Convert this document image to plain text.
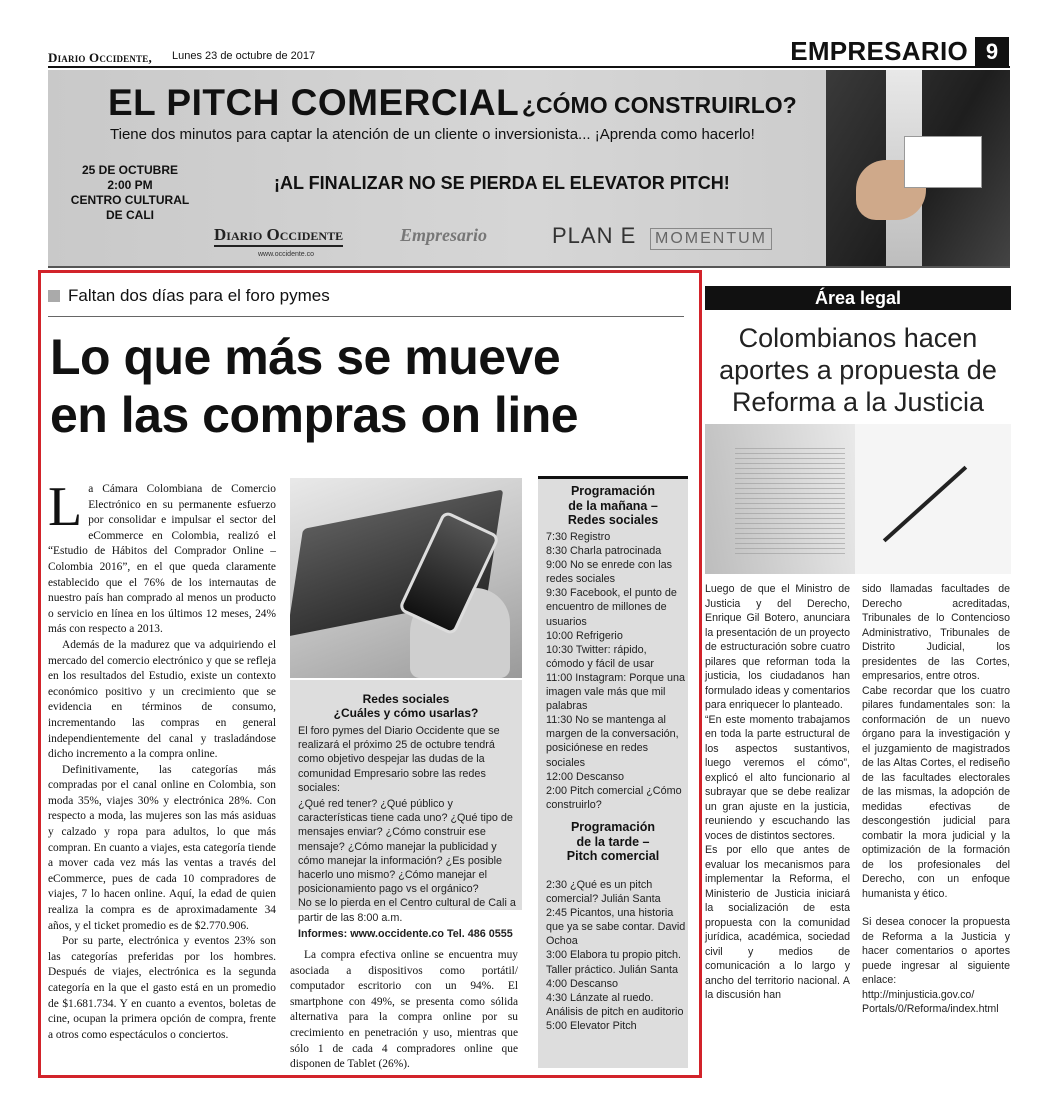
Diario Occidente, Lunes 23 de octubre de 2017	EMPRESARIO 9
EL PITCH COMERCIAL ¿CÓMO CONSTRUIRLO?
Tiene dos minutos para captar la atención de un cliente o inversionista... ¡Aprenda como hacerlo!
25 DE OCTUBRE
2:00 PM
CENTRO CULTURAL
DE CALI
¡AL FINALIZAR NO SE PIERDA EL ELEVATOR PITCH!
Diario Occidente
www.occidente.co
Empresario	PLAN E	MOMENTUM
Faltan dos días para el foro pymes
Lo que más se mueve
en las compras on line

La Cámara Colombiana de Comercio Electrónico en su permanente esfuerzo por consolidar e impulsar el sector del eCommerce en Colombia, realizó el “Estudio de Hábitos del Comprador Online – Colombia 2016”, en el que queda claramente establecido que el 76% de los internautas de nuestro país han comprado al menos un producto o servicio en línea en los últimos 12 meses, 24% más con respecto a 2013.

Además de la madurez que va adquiriendo el mercado del comercio electrónico y que se refleja en los resultados del Estudio, existe un contexto económico positivo y un crecimiento que se evidencia en términos de consumo, incrementando las compras en general independientemente del canal y trasladándose dicho incremento a la compra online.

Definitivamente, las categorías más compradas por el canal online en Colombia, son moda 35%, viajes 30% y electrónica 28%. Con respecto a moda, las mujeres son las más asiduas y calzado y ropa para adultos, lo que más compran. En cuanto a viajes, esta categoría tiende a mover cada vez más las ventas a través del eCommerce, pues de cada 10 compradores de viajes, 7 lo hacen online. Aquí, la edad de quien realiza la compra es de aproximadamente 34 años, y el ticket promedio es de $2.770.906.

Por su parte, electrónica y eventos 23% son las categorías preferidas por los hombres. Después de viajes, electrónica es la segunda categoría en la que el gasto está en un promedio de $1.681.734. Y en cuanto a eventos, boletas de cine, ocupan la primera opción de compra, frente a otros como espectáculos o conciertos.

Redes sociales
¿Cuáles y cómo usarlas?
El foro pymes del Diario Occidente que se realizará el próximo 25 de octubre tendrá como objetivo despejar las dudas de la comunidad Empresario sobre las redes sociales:
¿Qué red tener? ¿Qué público y características tiene cada uno? ¿Qué tipo de mensajes enviar? ¿Cómo construir ese mensaje? ¿Cómo manejar la publicidad y cómo manejar la información? ¿Es posible hacerlo uno mismo? ¿Cómo manejar el posicionamiento pago vs el orgánico?
No se lo pierda en el Centro cultural de Cali a partir de las 8:00 a.m.
Informes: www.occidente.co Tel. 486 0555

La compra efectiva online se encuentra muy asociada a dispositivos como portátil/ computador escritorio con un 94%. El smartphone con 49%, se presenta como sólida alternativa para la compra online por su crecimiento en penetración y uso, mientras que sólo 1 de cada 4 compradores online que disponen de Tablet (26%).

Programación
de la mañana –
Redes sociales
7:30 Registro
8:30 Charla patrocinada
9:00 No se enrede con las redes sociales
9:30 Facebook, el punto de encuentro de millones de usuarios
10:00 Refrigerio
10:30 Twitter: rápido, cómodo y fácil de usar
11:00 Instagram: Porque una imagen vale más que mil palabras
11:30 No se mantenga al margen de la conversación, posiciónese en redes sociales
12:00 Descanso
2:00 Pitch comercial ¿Cómo construirlo?
Programación
de la tarde –
Pitch comercial
2:30 ¿Qué es un pitch comercial? Julián Santa
2:45 Picantos, una historia que ya se sabe contar. David Ochoa
3:00 Elabora tu propio pitch. Taller práctico. Julián Santa
4:00 Descanso
4:30 Lánzate al ruedo. Análisis de pitch en auditorio
5:00 Elevator Pitch
Área legal
Colombianos hacen aportes a propuesta de Reforma a la Justicia

Luego de que el Ministro de Justicia y del Derecho, Enrique Gil Botero, anunciara la presentación de un proyecto de estructuración sobre cuatro pilares que reforman toda la justicia, los ciudadanos han formulado ideas y comentarios para enriquecer lo planteado.

“En este momento trabajamos en toda la parte estructural de los aspectos sustantivos, luego veremos el cómo”, explicó el alto funcionario al subrayar que se debe realizar un gran ajuste en la justicia, reuniendo y escuchando las voces de distintos sectores.

Es por ello que antes de evaluar los mecanismos para implementar la Reforma, el Ministerio de Justicia iniciará la socialización de esta propuesta con la comunidad jurídica, académica, sociedad civil y medios de comunicación a lo largo y ancho del territorio nacional. A la discusión han

sido llamadas facultades de Derecho acreditadas, Tribunales de lo Contencioso Administrativo, Tribunales de Distrito Judicial, los presidentes de las Cortes, empresarios, entre otros.

Cabe recordar que los cuatro pilares fundamentales son: la conformación de un nuevo órgano para la investigación y el juzgamiento de magistrados de las Altas Cortes, el rediseño de las facultades electorales de las mismas, la adopción de medidas efectivas de descongestión judicial para combatir la mora judicial y la optimización de la formación de los profesionales del Derecho, con un enfoque humanista y ético.

Si desea conocer la propuesta de Reforma a la Justicia y hacer comentarios o aportes puede ingresar al siguiente enlace: http://minjusticia.gov.co/ Portals/0/Reforma/index.html
